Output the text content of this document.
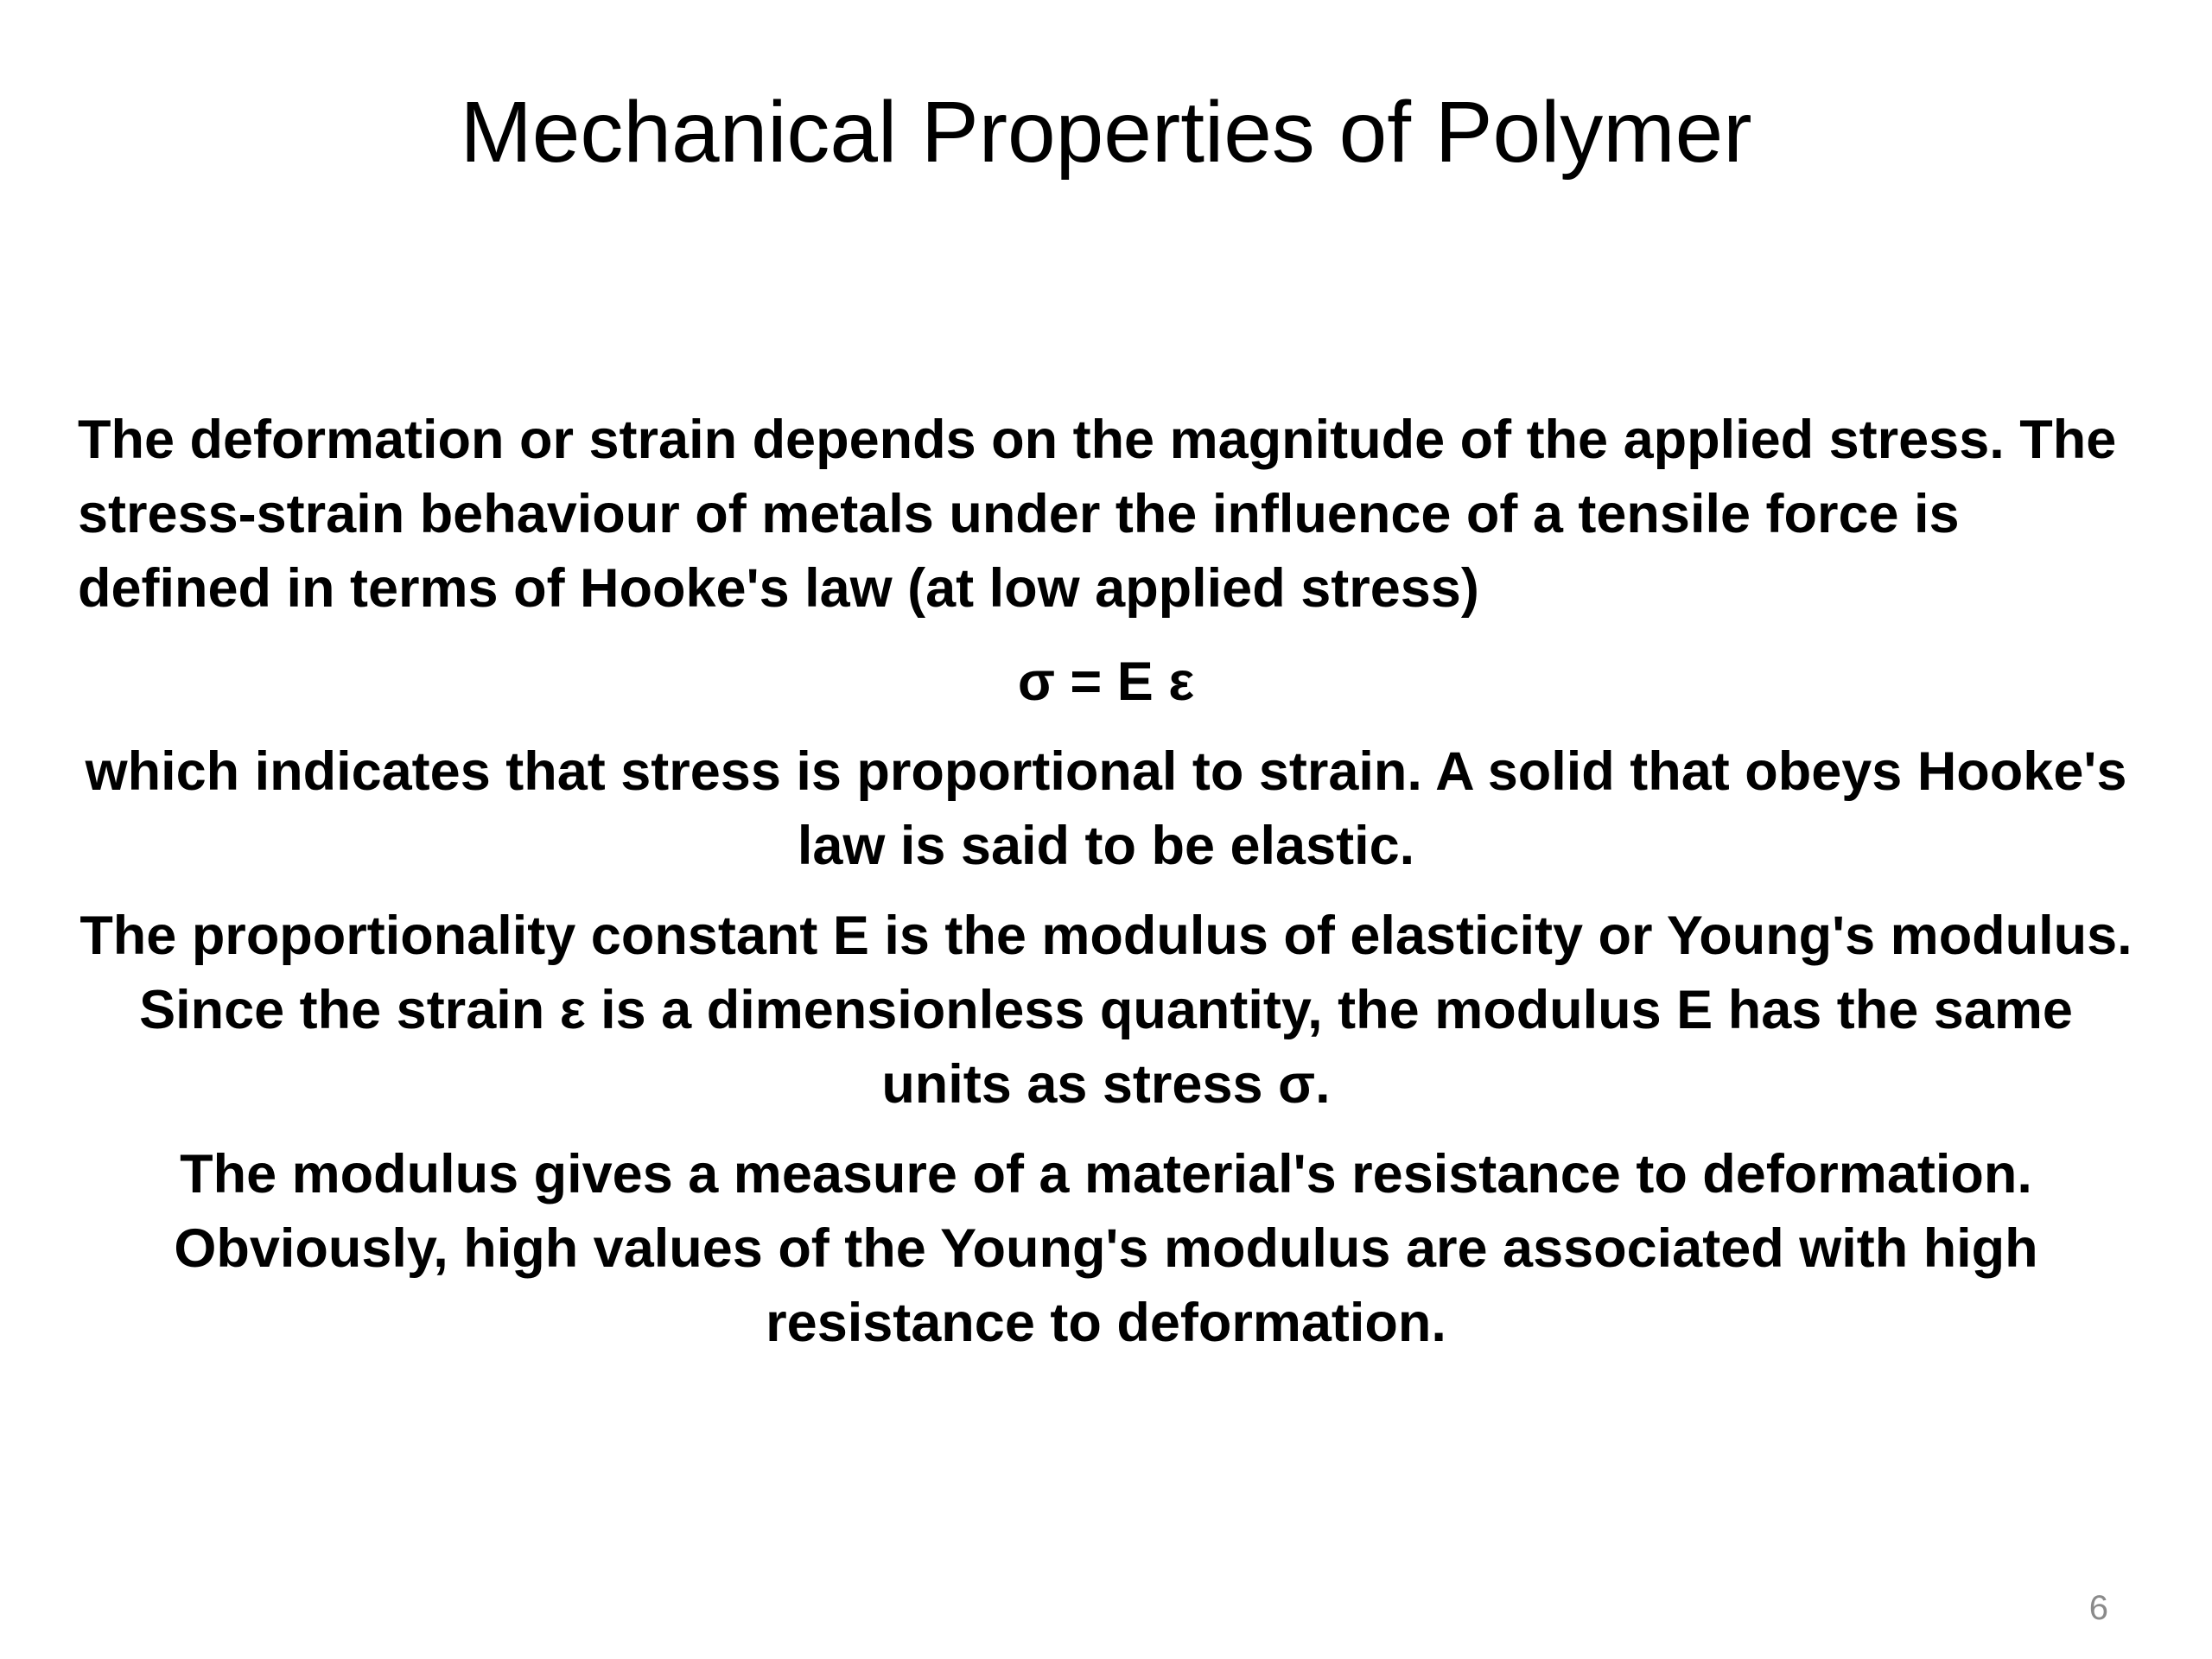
Mechanical Properties of Polymer

The deformation or strain depends on the magnitude of the applied stress. The stress-strain behaviour of metals under the influence of a tensile force is defined in terms of Hooke's law (at low applied stress)

σ = E ε

which indicates that stress is proportional to strain. A solid that obeys Hooke's law is said to be elastic.

The proportionality constant E is the modulus of elasticity or Young's modulus. Since the strain ε is a dimensionless quantity, the modulus E has the same units as stress σ.

The modulus gives a measure of a material's resistance to deformation. Obviously, high values of the Young's modulus are associated with high resistance to deformation.

6
